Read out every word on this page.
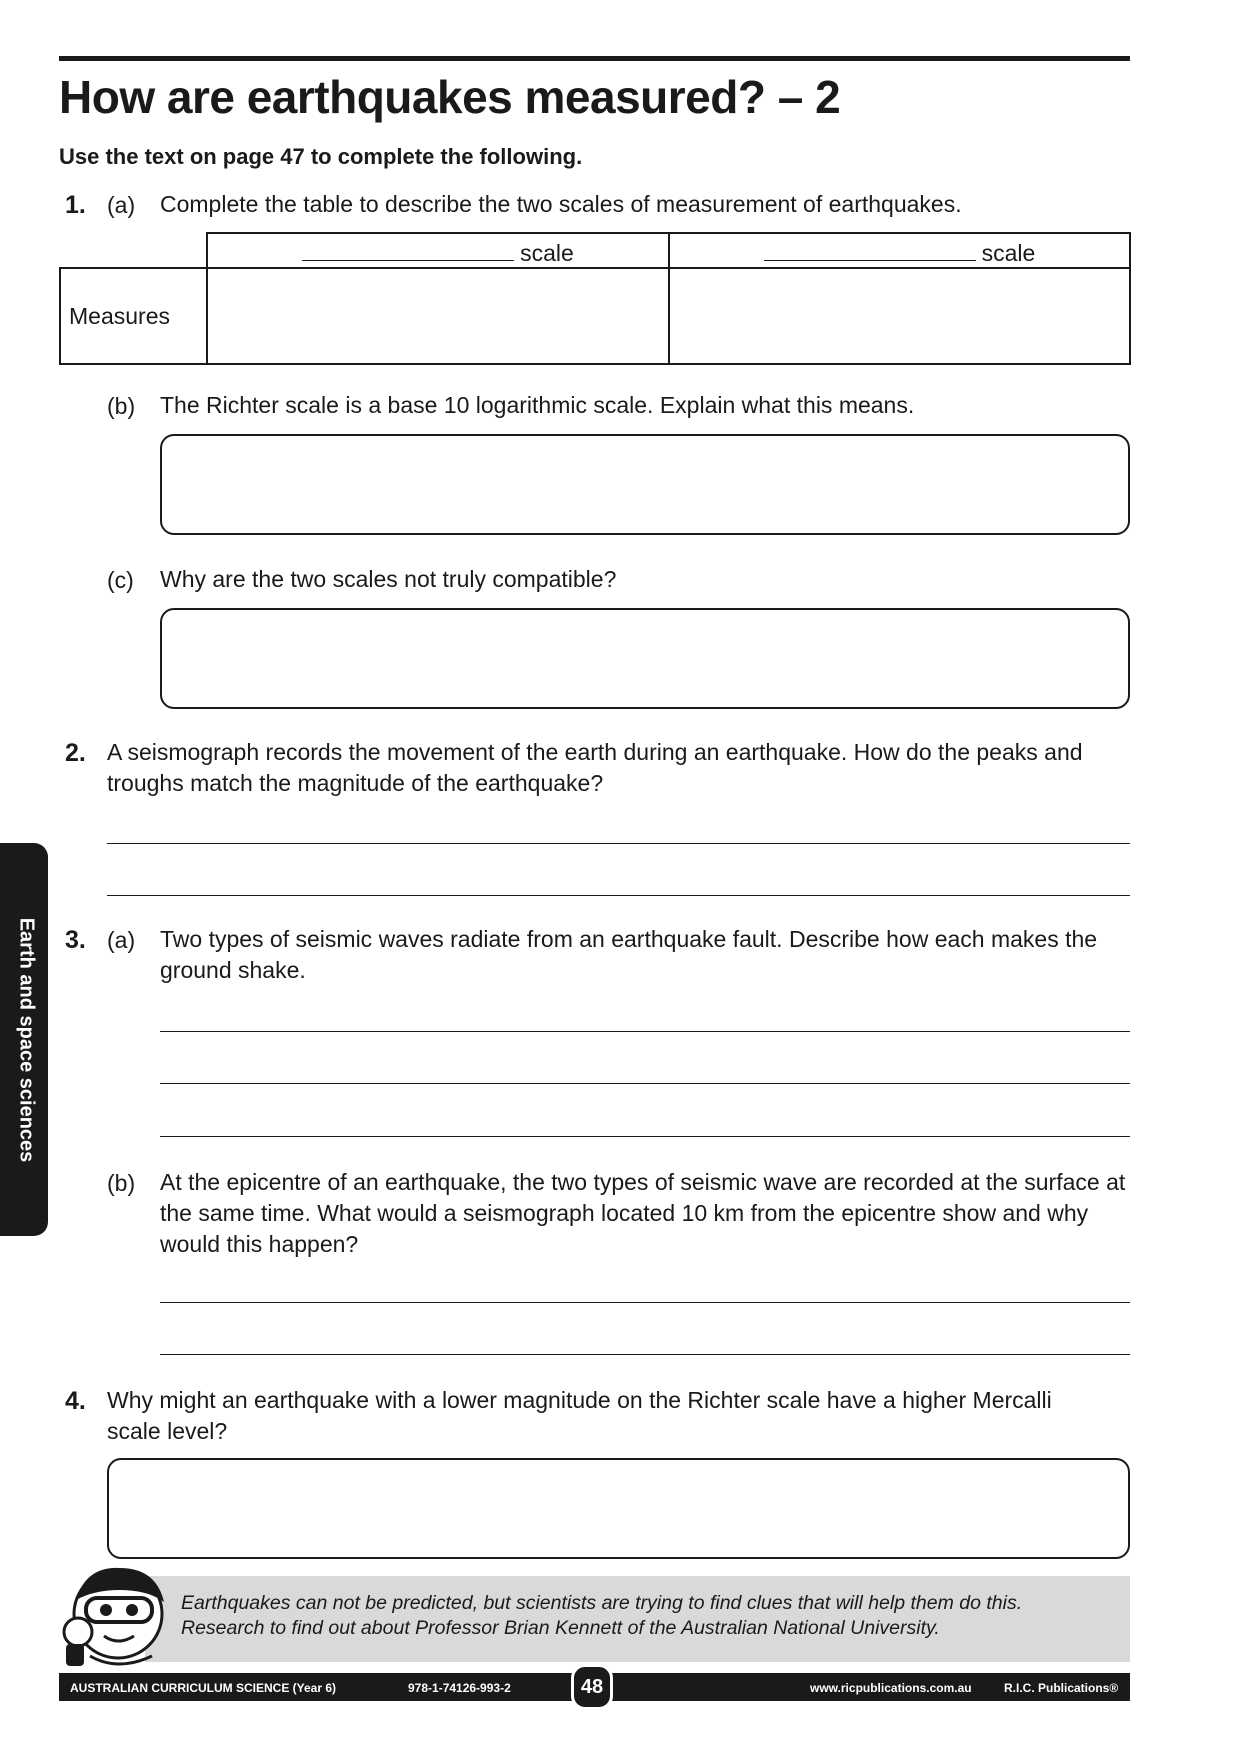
How are earthquakes measured? – 2
Use the text on page 47 to complete the following.
1. (a) Complete the table to describe the two scales of measurement of earthquakes.
	scale	scale
Measures		
(b) The Richter scale is a base 10 logarithmic scale. Explain what this means.
(c) Why are the two scales not truly compatible?
2. A seismograph records the movement of the earth during an earthquake. How do the peaks and troughs match the magnitude of the earthquake?
3. (a) Two types of seismic waves radiate from an earthquake fault. Describe how each makes the ground shake.
(b) At the epicentre of an earthquake, the two types of seismic wave are recorded at the surface at the same time. What would a seismograph located 10 km from the epicentre show and why would this happen?
4. Why might an earthquake with a lower magnitude on the Richter scale have a higher Mercalli scale level?
Earth and space sciences
Earthquakes can not be predicted, but scientists are trying to find clues that will help them do this.
Research to find out about Professor Brian Kennett of the Australian National University.
AUSTRALIAN CURRICULUM SCIENCE (Year 6)	978-1-74126-993-2	48	www.ricpublications.com.au	R.I.C. Publications®
